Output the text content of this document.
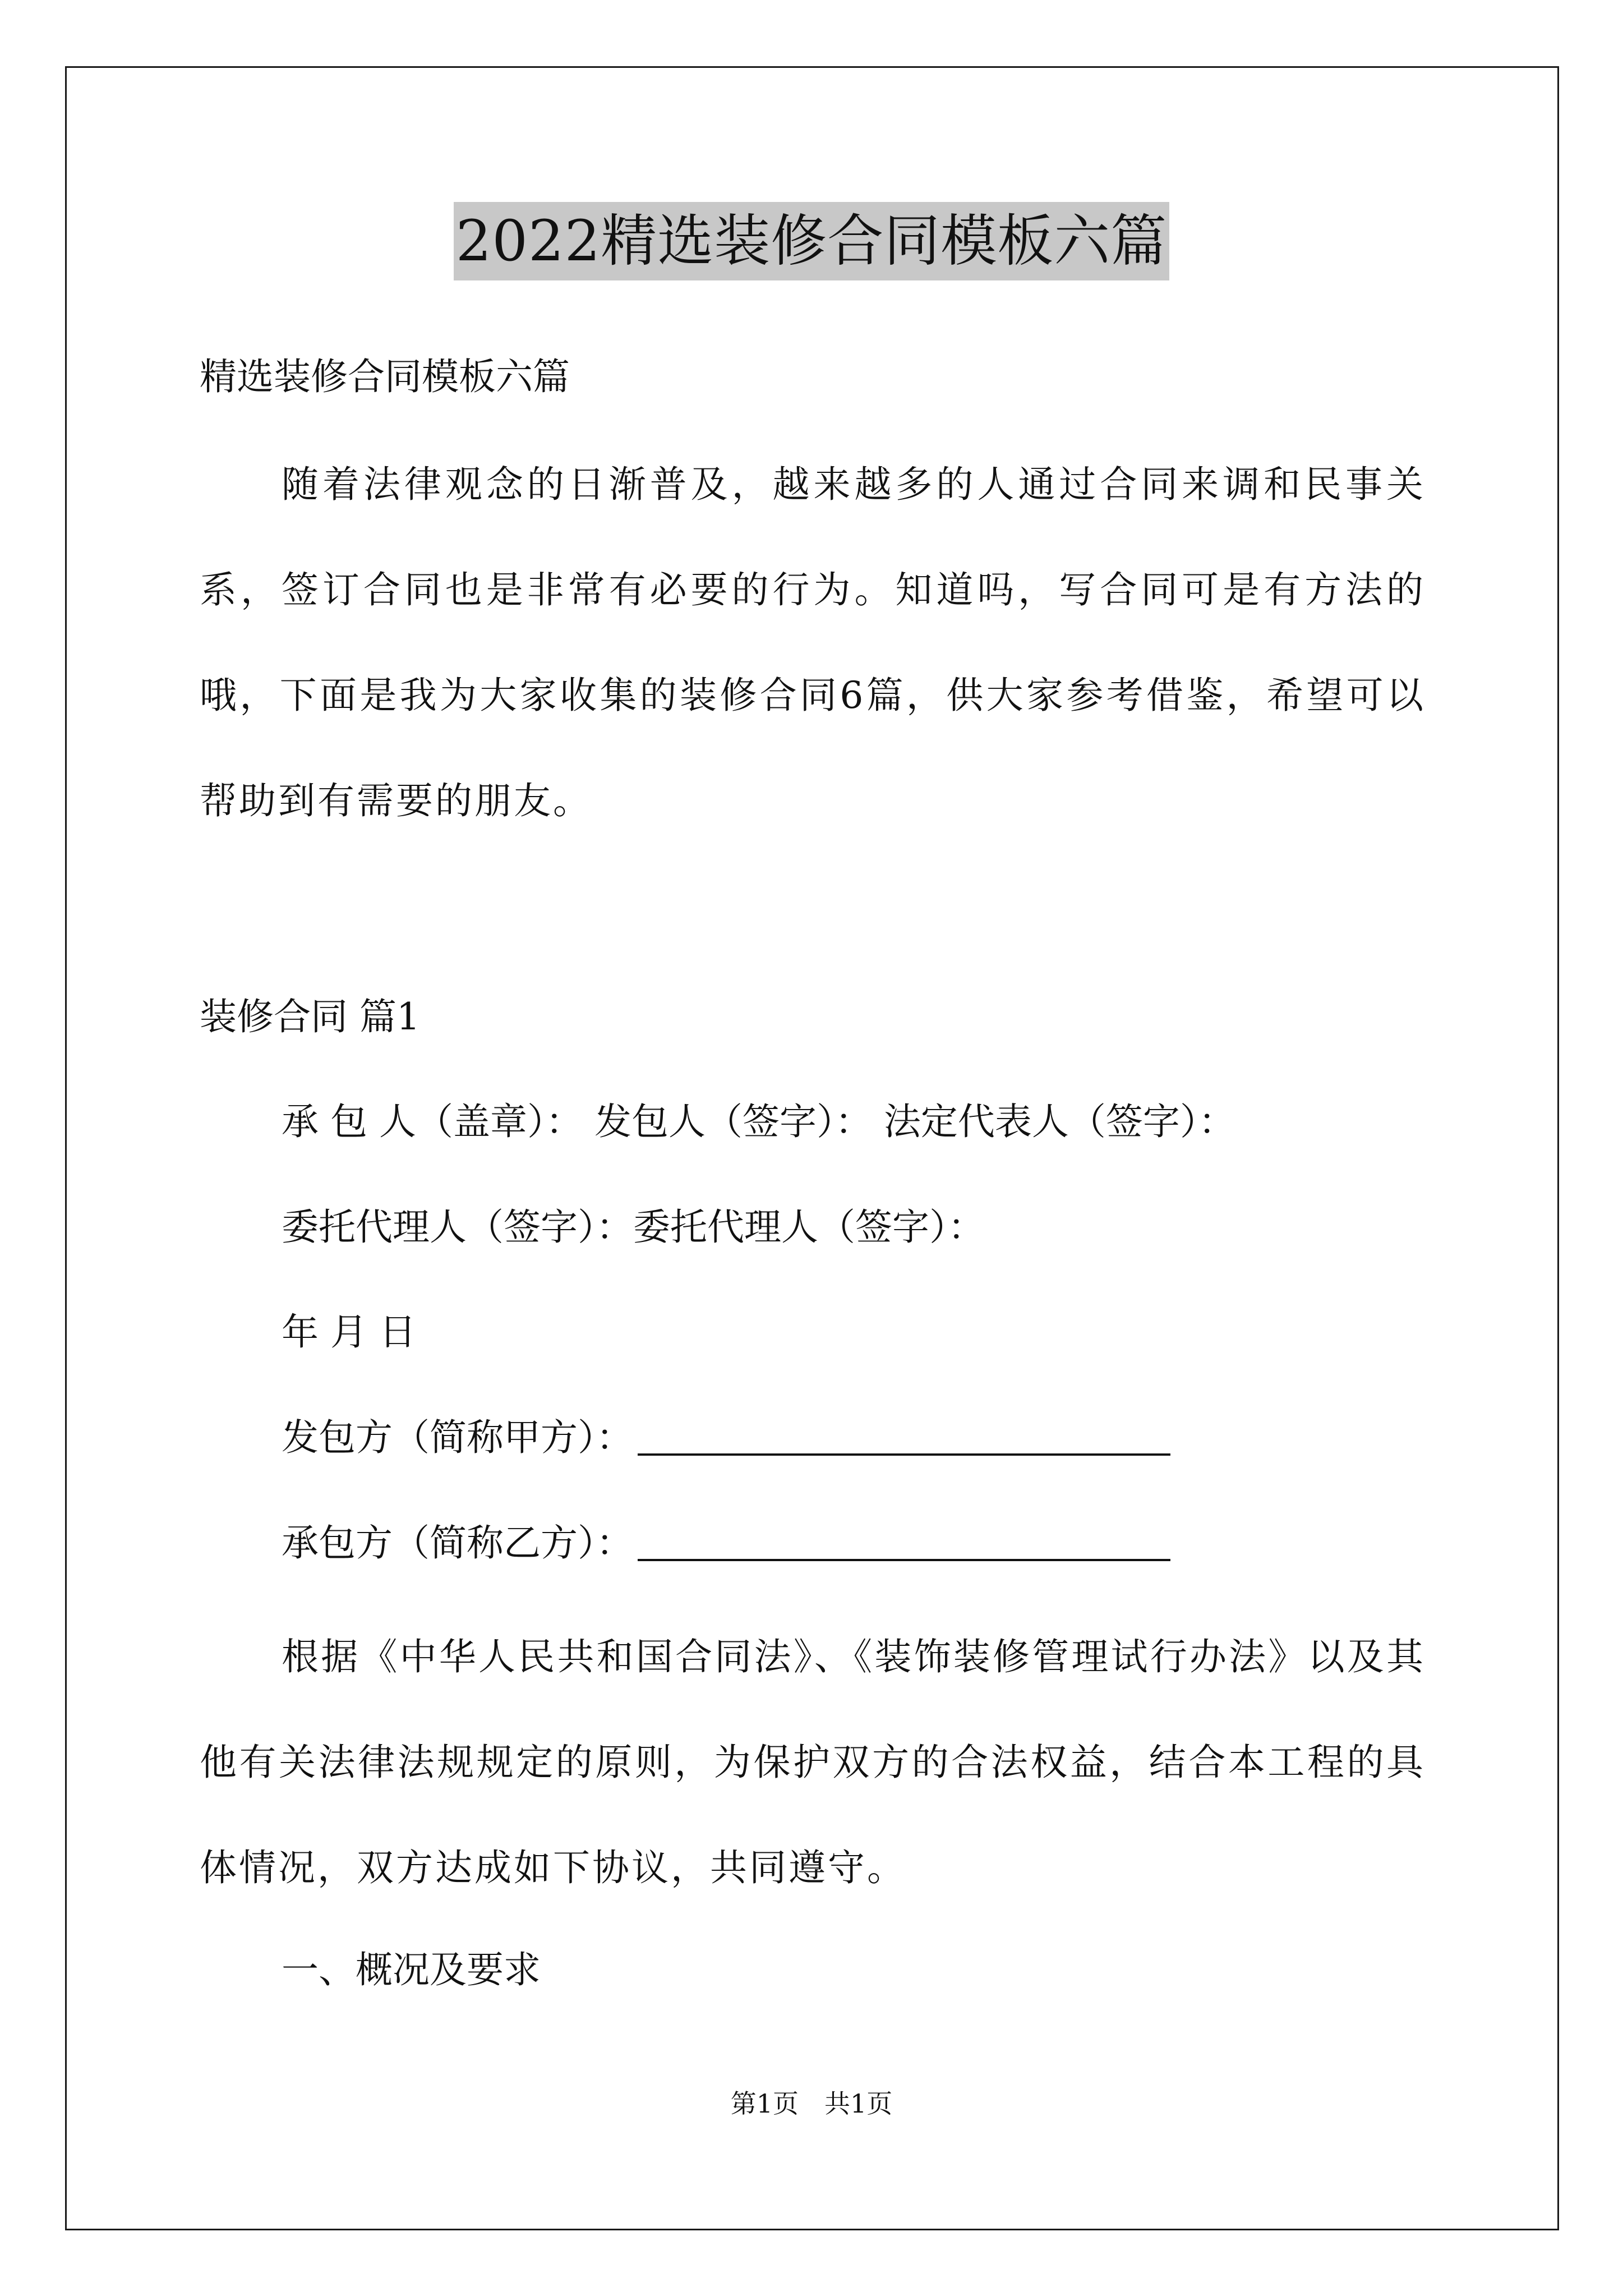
2022精选装修合同模板六篇
精选装修合同模板六篇
随着法律观念的日渐普及，越来越多的人通过合同来调和民事关系，签订合同也是非常有必要的行为。知道吗，写合同可是有方法的哦，下面是我为大家收集的装修合同6篇，供大家参考借鉴，希望可以帮助到有需要的朋友。
装修合同 篇1
承 包 人（盖章）： 发包人（签字）： 法定代表人（签字）：
委托代理人（签字）：委托代理人（签字）：
年 月 日
发包方（简称甲方）：
承包方（简称乙方）：
根据《中华人民共和国合同法》、《装饰装修管理试行办法》以及其他有关法律法规规定的原则，为保护双方的合法权益，结合本工程的具体情况，双方达成如下协议，共同遵守。
一、概况及要求
第1页　共1页
